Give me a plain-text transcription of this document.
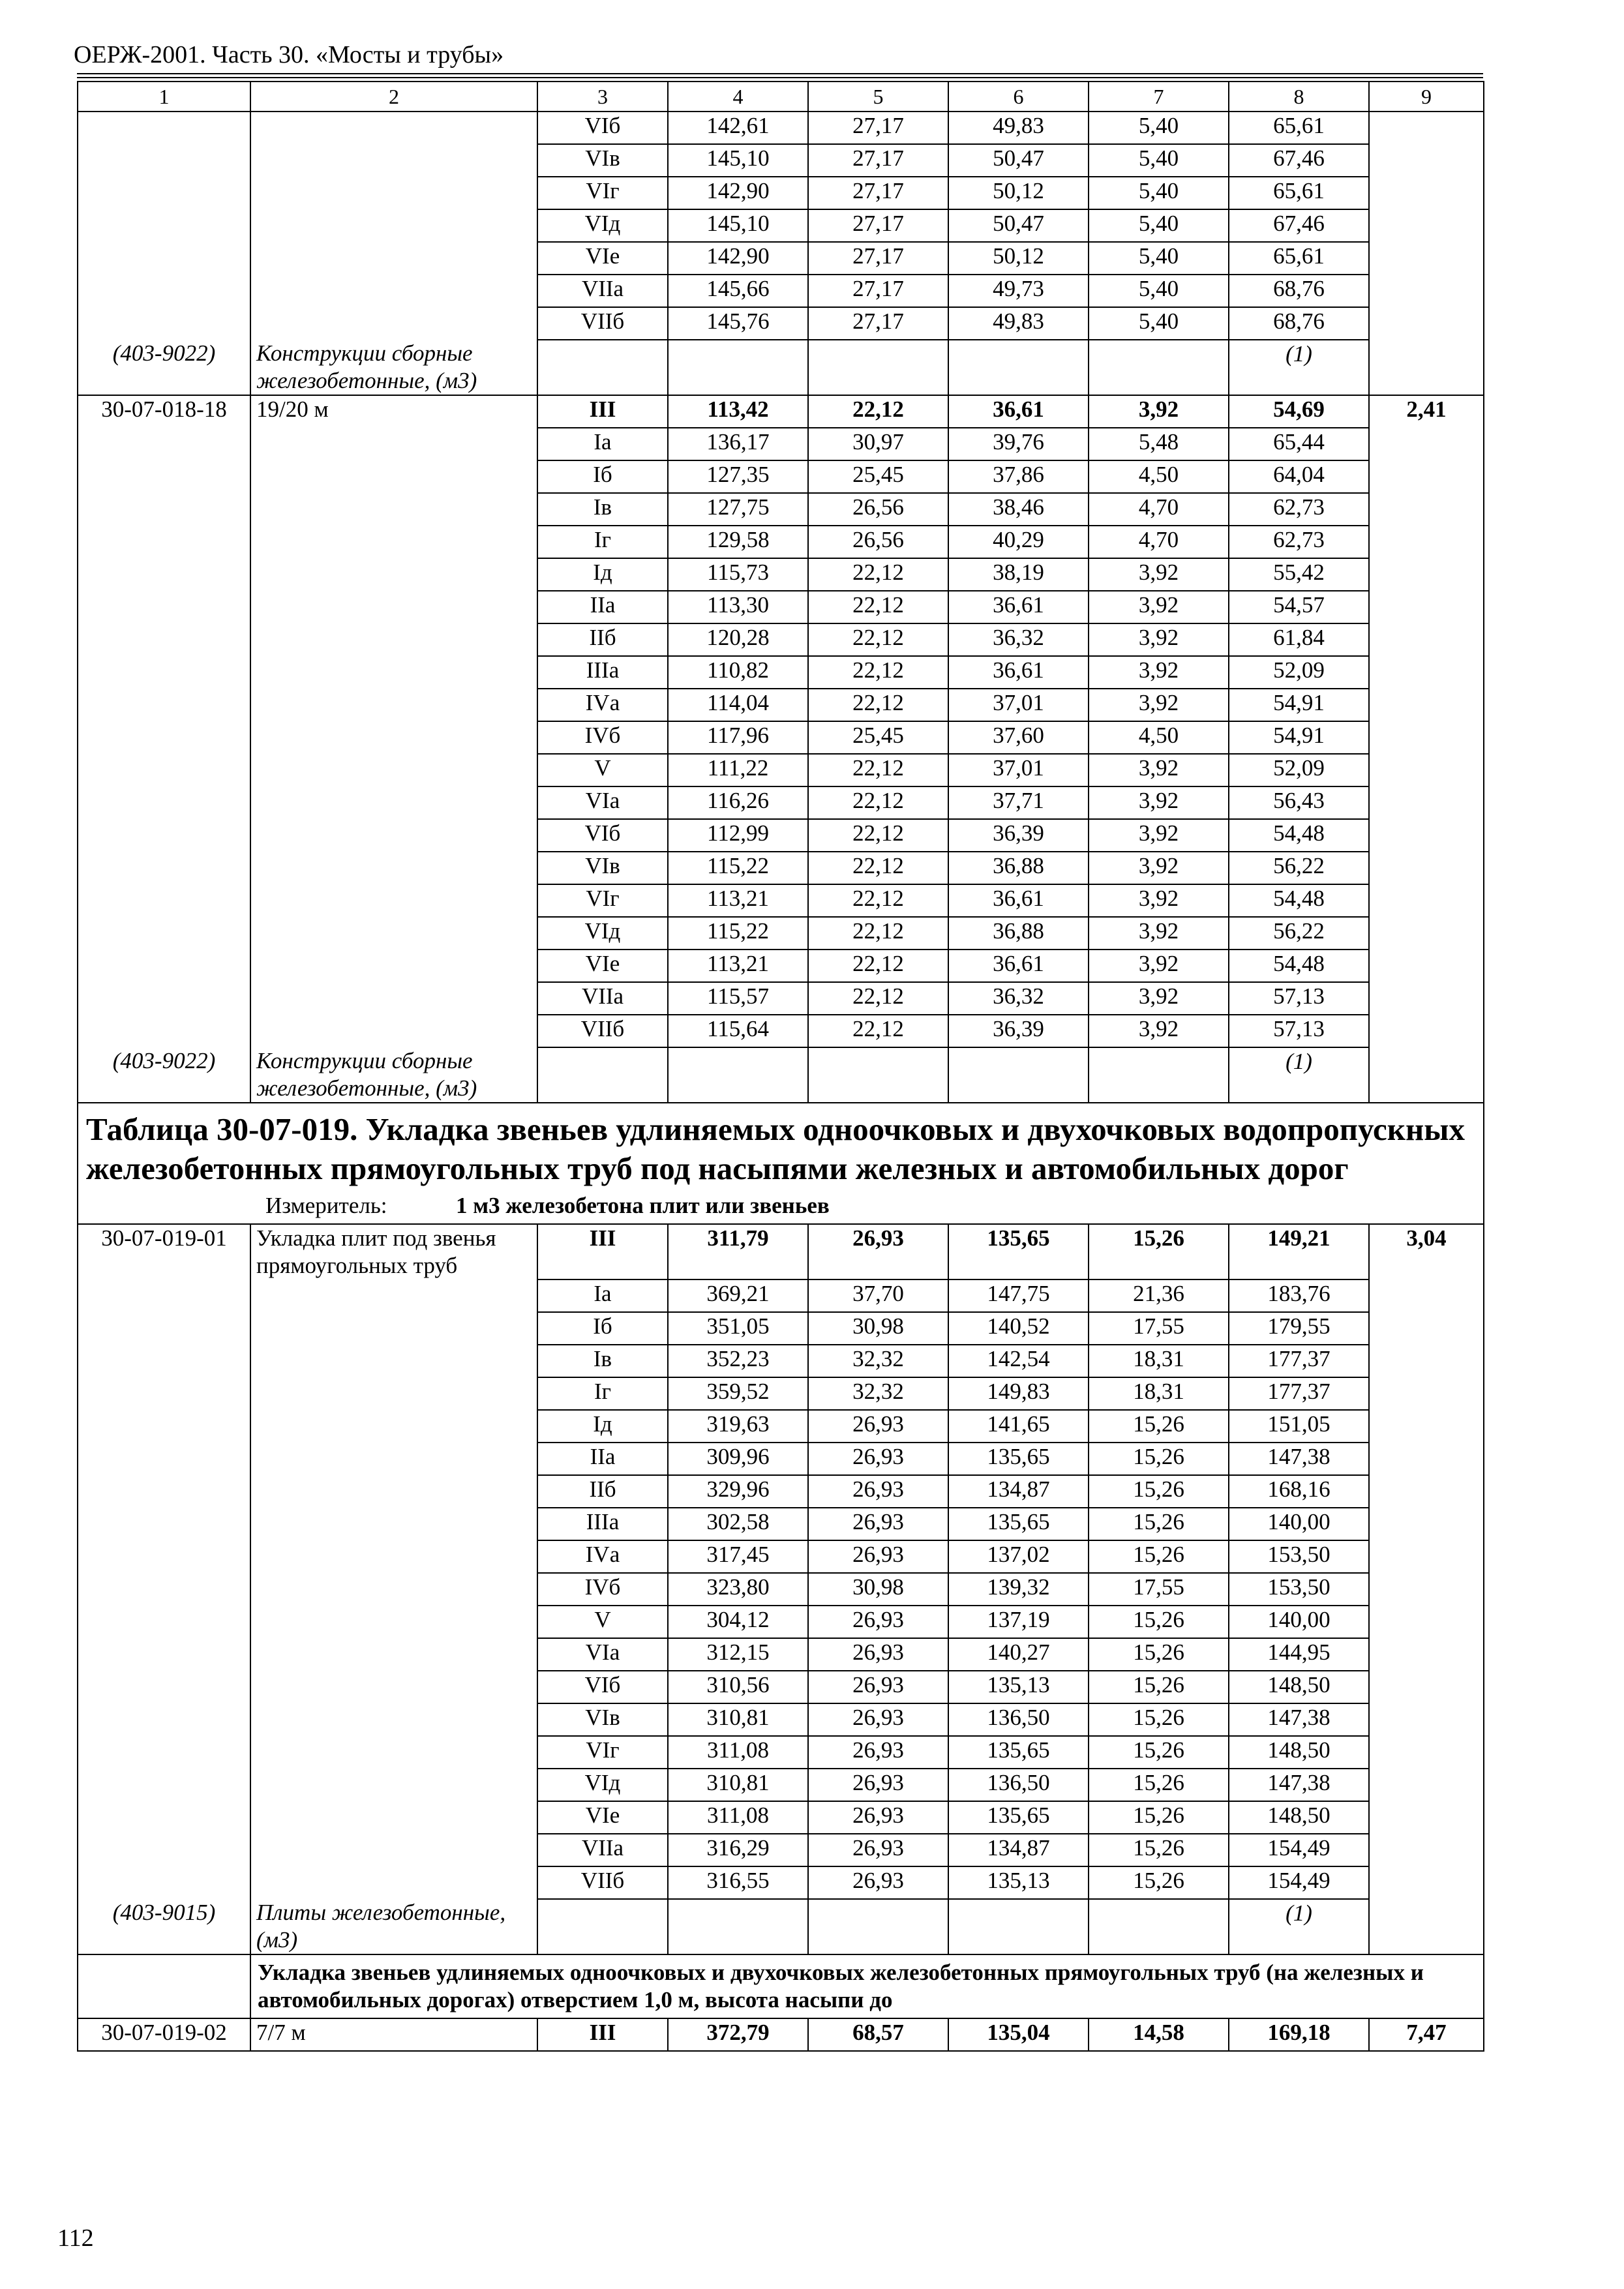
ОЕРЖ-2001. Часть 30. «Мосты и трубы»
1	2	3	4	5	6	7	8	9
		VIб	142,61	27,17	49,83	5,40	65,61	
		VIв	145,10	27,17	50,47	5,40	67,46	
		VIг	142,90	27,17	50,12	5,40	65,61	
		VIд	145,10	27,17	50,47	5,40	67,46	
		VIе	142,90	27,17	50,12	5,40	65,61	
		VIIа	145,66	27,17	49,73	5,40	68,76	
		VIIб	145,76	27,17	49,83	5,40	68,76	
(403-9022)	Конструкции сборные железобетонные, (м3)						(1)	
30-07-018-18	19/20 м	III	113,42	22,12	36,61	3,92	54,69	2,41
		Iа	136,17	30,97	39,76	5,48	65,44	
		Iб	127,35	25,45	37,86	4,50	64,04	
		Iв	127,75	26,56	38,46	4,70	62,73	
		Iг	129,58	26,56	40,29	4,70	62,73	
		Iд	115,73	22,12	38,19	3,92	55,42	
		IIа	113,30	22,12	36,61	3,92	54,57	
		IIб	120,28	22,12	36,32	3,92	61,84	
		IIIа	110,82	22,12	36,61	3,92	52,09	
		IVа	114,04	22,12	37,01	3,92	54,91	
		IVб	117,96	25,45	37,60	4,50	54,91	
		V	111,22	22,12	37,01	3,92	52,09	
		VIа	116,26	22,12	37,71	3,92	56,43	
		VIб	112,99	22,12	36,39	3,92	54,48	
		VIв	115,22	22,12	36,88	3,92	56,22	
		VIг	113,21	22,12	36,61	3,92	54,48	
		VIд	115,22	22,12	36,88	3,92	56,22	
		VIе	113,21	22,12	36,61	3,92	54,48	
		VIIа	115,57	22,12	36,32	3,92	57,13	
		VIIб	115,64	22,12	36,39	3,92	57,13	
(403-9022)	Конструкции сборные железобетонные, (м3)						(1)	

Таблица 30-07-019. Укладка звеньев удлиняемых одноочковых и двухочковых водопропускных железобетонных прямоугольных труб под насыпями железных и автомобильных дорог
Измеритель: 1 м3 железобетона плит или звеньев								

30-07-019-01	Укладка плит под звенья прямоугольных труб	III	311,79	26,93	135,65	15,26	149,21	3,04
		Iа	369,21	37,70	147,75	21,36	183,76	
		Iб	351,05	30,98	140,52	17,55	179,55	
		Iв	352,23	32,32	142,54	18,31	177,37	
		Iг	359,52	32,32	149,83	18,31	177,37	
		Iд	319,63	26,93	141,65	15,26	151,05	
		IIа	309,96	26,93	135,65	15,26	147,38	
		IIб	329,96	26,93	134,87	15,26	168,16	
		IIIа	302,58	26,93	135,65	15,26	140,00	
		IVа	317,45	26,93	137,02	15,26	153,50	
		IVб	323,80	30,98	139,32	17,55	153,50	
		V	304,12	26,93	137,19	15,26	140,00	
		VIа	312,15	26,93	140,27	15,26	144,95	
		VIб	310,56	26,93	135,13	15,26	148,50	
		VIв	310,81	26,93	136,50	15,26	147,38	
		VIг	311,08	26,93	135,65	15,26	148,50	
		VIд	310,81	26,93	136,50	15,26	147,38	
		VIе	311,08	26,93	135,65	15,26	148,50	
		VIIа	316,29	26,93	134,87	15,26	154,49	
		VIIб	316,55	26,93	135,13	15,26	154,49	
(403-9015)	Плиты железобетонные, (м3)						(1)	

	Укладка звеньев удлиняемых одноочковых и двухочковых железобетонных прямоугольных труб (на железных и автомобильных дорогах) отверстием 1,0 м, высота насыпи до							

30-07-019-02	7/7 м	III	372,79	68,57	135,04	14,58	169,18	7,47
112
